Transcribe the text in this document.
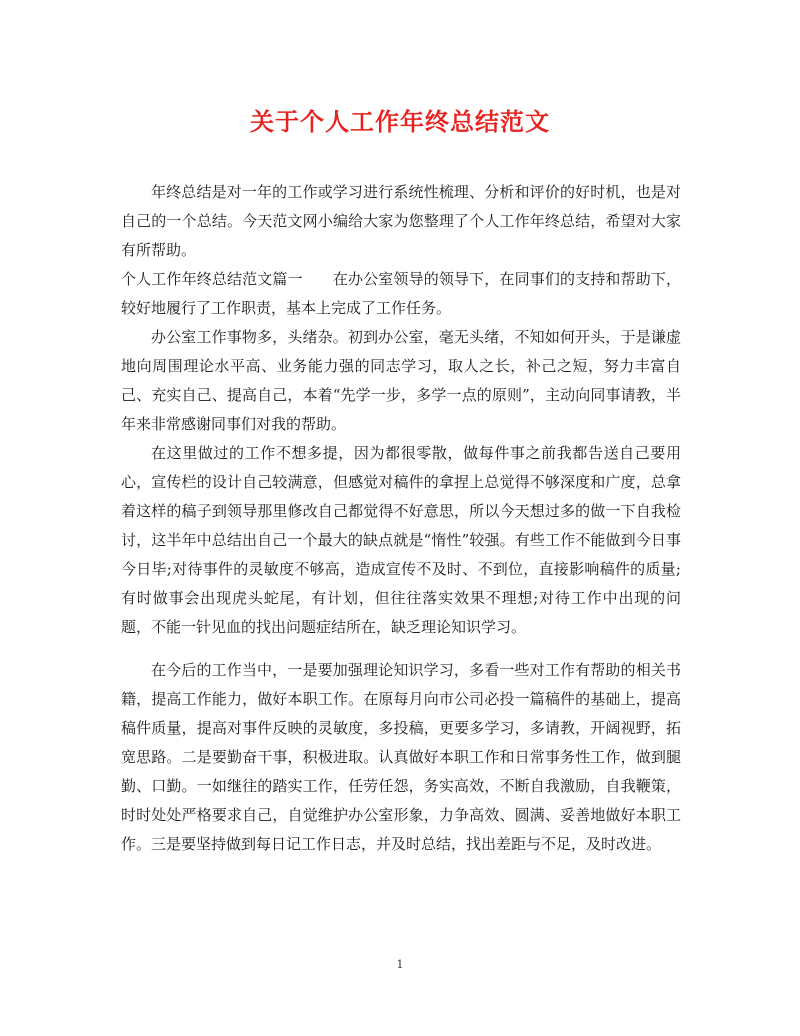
关于个人工作年终总结范文

年终总结是对一年的工作或学习进行系统性梳理、分析和评价的好时机，也是对自己的一个总结。今天范文网小编给大家为您整理了个人工作年终总结，希望对大家有所帮助。

个人工作年终总结范文篇一 在办公室领导的领导下，在同事们的支持和帮助下，较好地履行了工作职责，基本上完成了工作任务。

办公室工作事物多，头绪杂。初到办公室，毫无头绪，不知如何开头，于是谦虚地向周围理论水平高、业务能力强的同志学习，取人之长，补己之短，努力丰富自己、充实自己、提高自己，本着“先学一步，多学一点的原则”，主动向同事请教，半年来非常感谢同事们对我的帮助。

在这里做过的工作不想多提，因为都很零散，做每件事之前我都告送自己要用心，宣传栏的设计自己较满意，但感觉对稿件的拿捏上总觉得不够深度和广度，总拿着这样的稿子到领导那里修改自己都觉得不好意思，所以今天想过多的做一下自我检讨，这半年中总结出自己一个最大的缺点就是“惰性”较强。有些工作不能做到今日事今日毕;对待事件的灵敏度不够高，造成宣传不及时、不到位，直接影响稿件的质量;有时做事会出现虎头蛇尾，有计划，但往往落实效果不理想;对待工作中出现的问题，不能一针见血的找出问题症结所在，缺乏理论知识学习。

在今后的工作当中，一是要加强理论知识学习，多看一些对工作有帮助的相关书籍，提高工作能力，做好本职工作。在原每月向市公司必投一篇稿件的基础上，提高稿件质量，提高对事件反映的灵敏度，多投稿，更要多学习，多请教，开阔视野，拓宽思路。二是要勤奋干事，积极进取。认真做好本职工作和日常事务性工作，做到腿勤、口勤。一如继往的踏实工作，任劳任怨，务实高效，不断自我激励，自我鞭策，时时处处严格要求自己，自觉维护办公室形象，力争高效、圆满、妥善地做好本职工作。三是要坚持做到每日记工作日志，并及时总结，找出差距与不足，及时改进。

1
